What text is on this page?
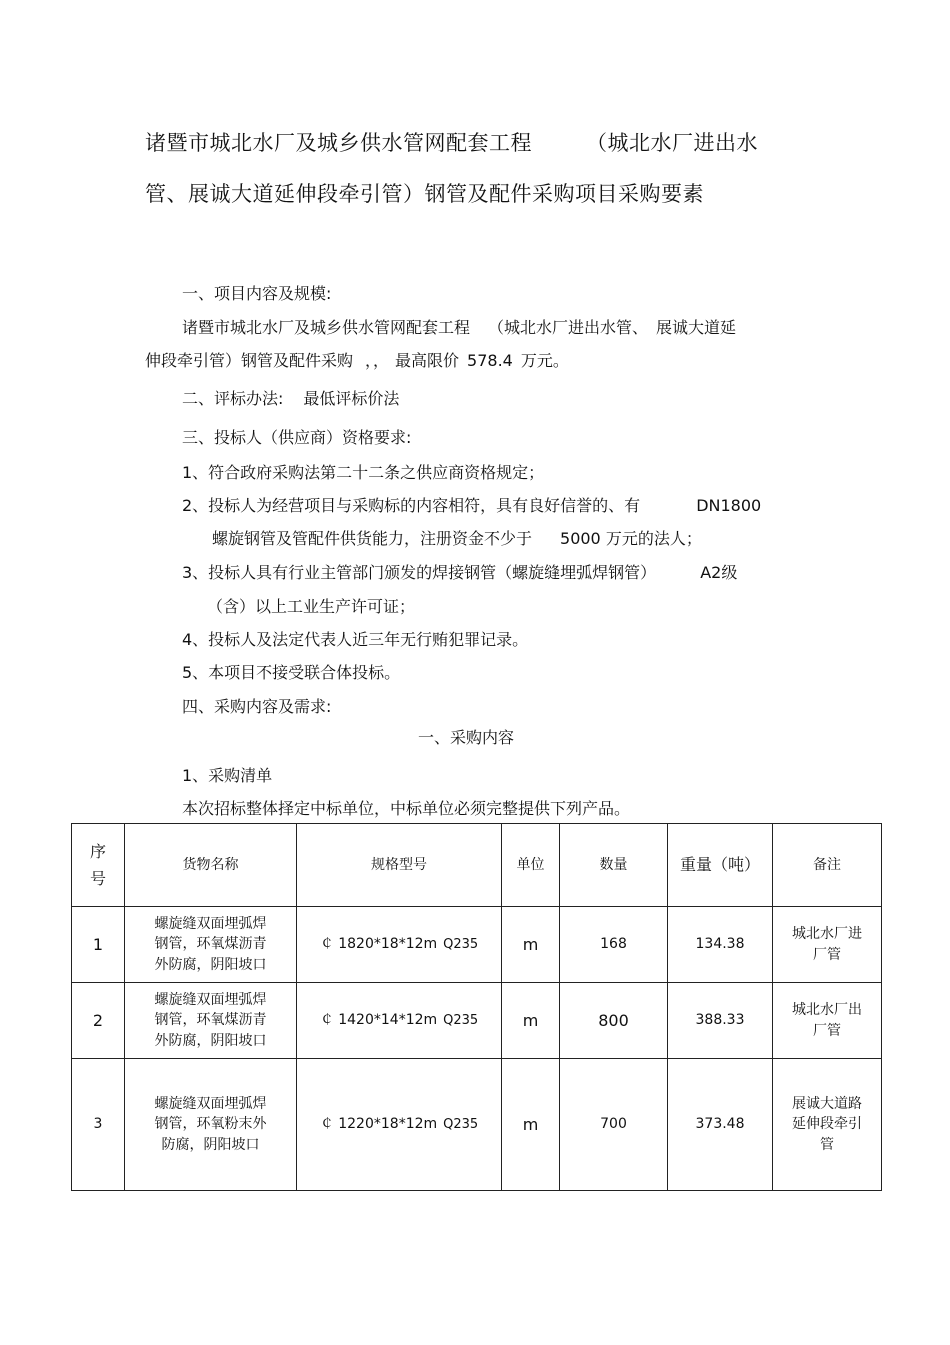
诸暨市城北水厂及城乡供水管网配套工程	（城北水厂进出水
管、展诚大道延伸段牵引管）钢管及配件采购项目采购要素
一、项目内容及规模:
诸暨市城北水厂及城乡供水管网配套工程 （城北水厂进出水管、 展诚大道延
伸段牵引管）钢管及配件采购 ，， 最高限价 578.4 万元。
二、评标办法: 最低评标价法
三、投标人（供应商）资格要求:
1、符合政府采购法第二十二条之供应商资格规定；
2、投标人为经营项目与采购标的内容相符，具有良好信誉的、有	DN1800
螺旋钢管及管配件供货能力，注册资金不少于 5000 万元的法人；
3、投标人具有行业主管部门颁发的焊接钢管（螺旋缝埋弧焊钢管）	A2级
（含）以上工业生产许可证；
4、投标人及法定代表人近三年无行贿犯罪记录。
5、本项目不接受联合体投标。
四、采购内容及需求:
一、采购内容
1、采购清单
本次招标整体择定中标单位，中标单位必须完整提供下列产品。
序
号	货物名称	规格型号	单位	数量	重量（吨）	备注
1	螺旋缝双面埋弧焊
钢管，环氧煤沥青
外防腐，阴阳坡口	￠ 1820*18*12m Q235	m	168	134.38	城北水厂进
厂管
2	螺旋缝双面埋弧焊
钢管，环氧煤沥青
外防腐，阴阳坡口	￠ 1420*14*12m Q235	m	800	388.33	城北水厂出
厂管
3	螺旋缝双面埋弧焊
钢管，环氧粉末外
防腐，阴阳坡口	￠ 1220*18*12m Q235	m	700	373.48	展诚大道路
延伸段牵引
管
